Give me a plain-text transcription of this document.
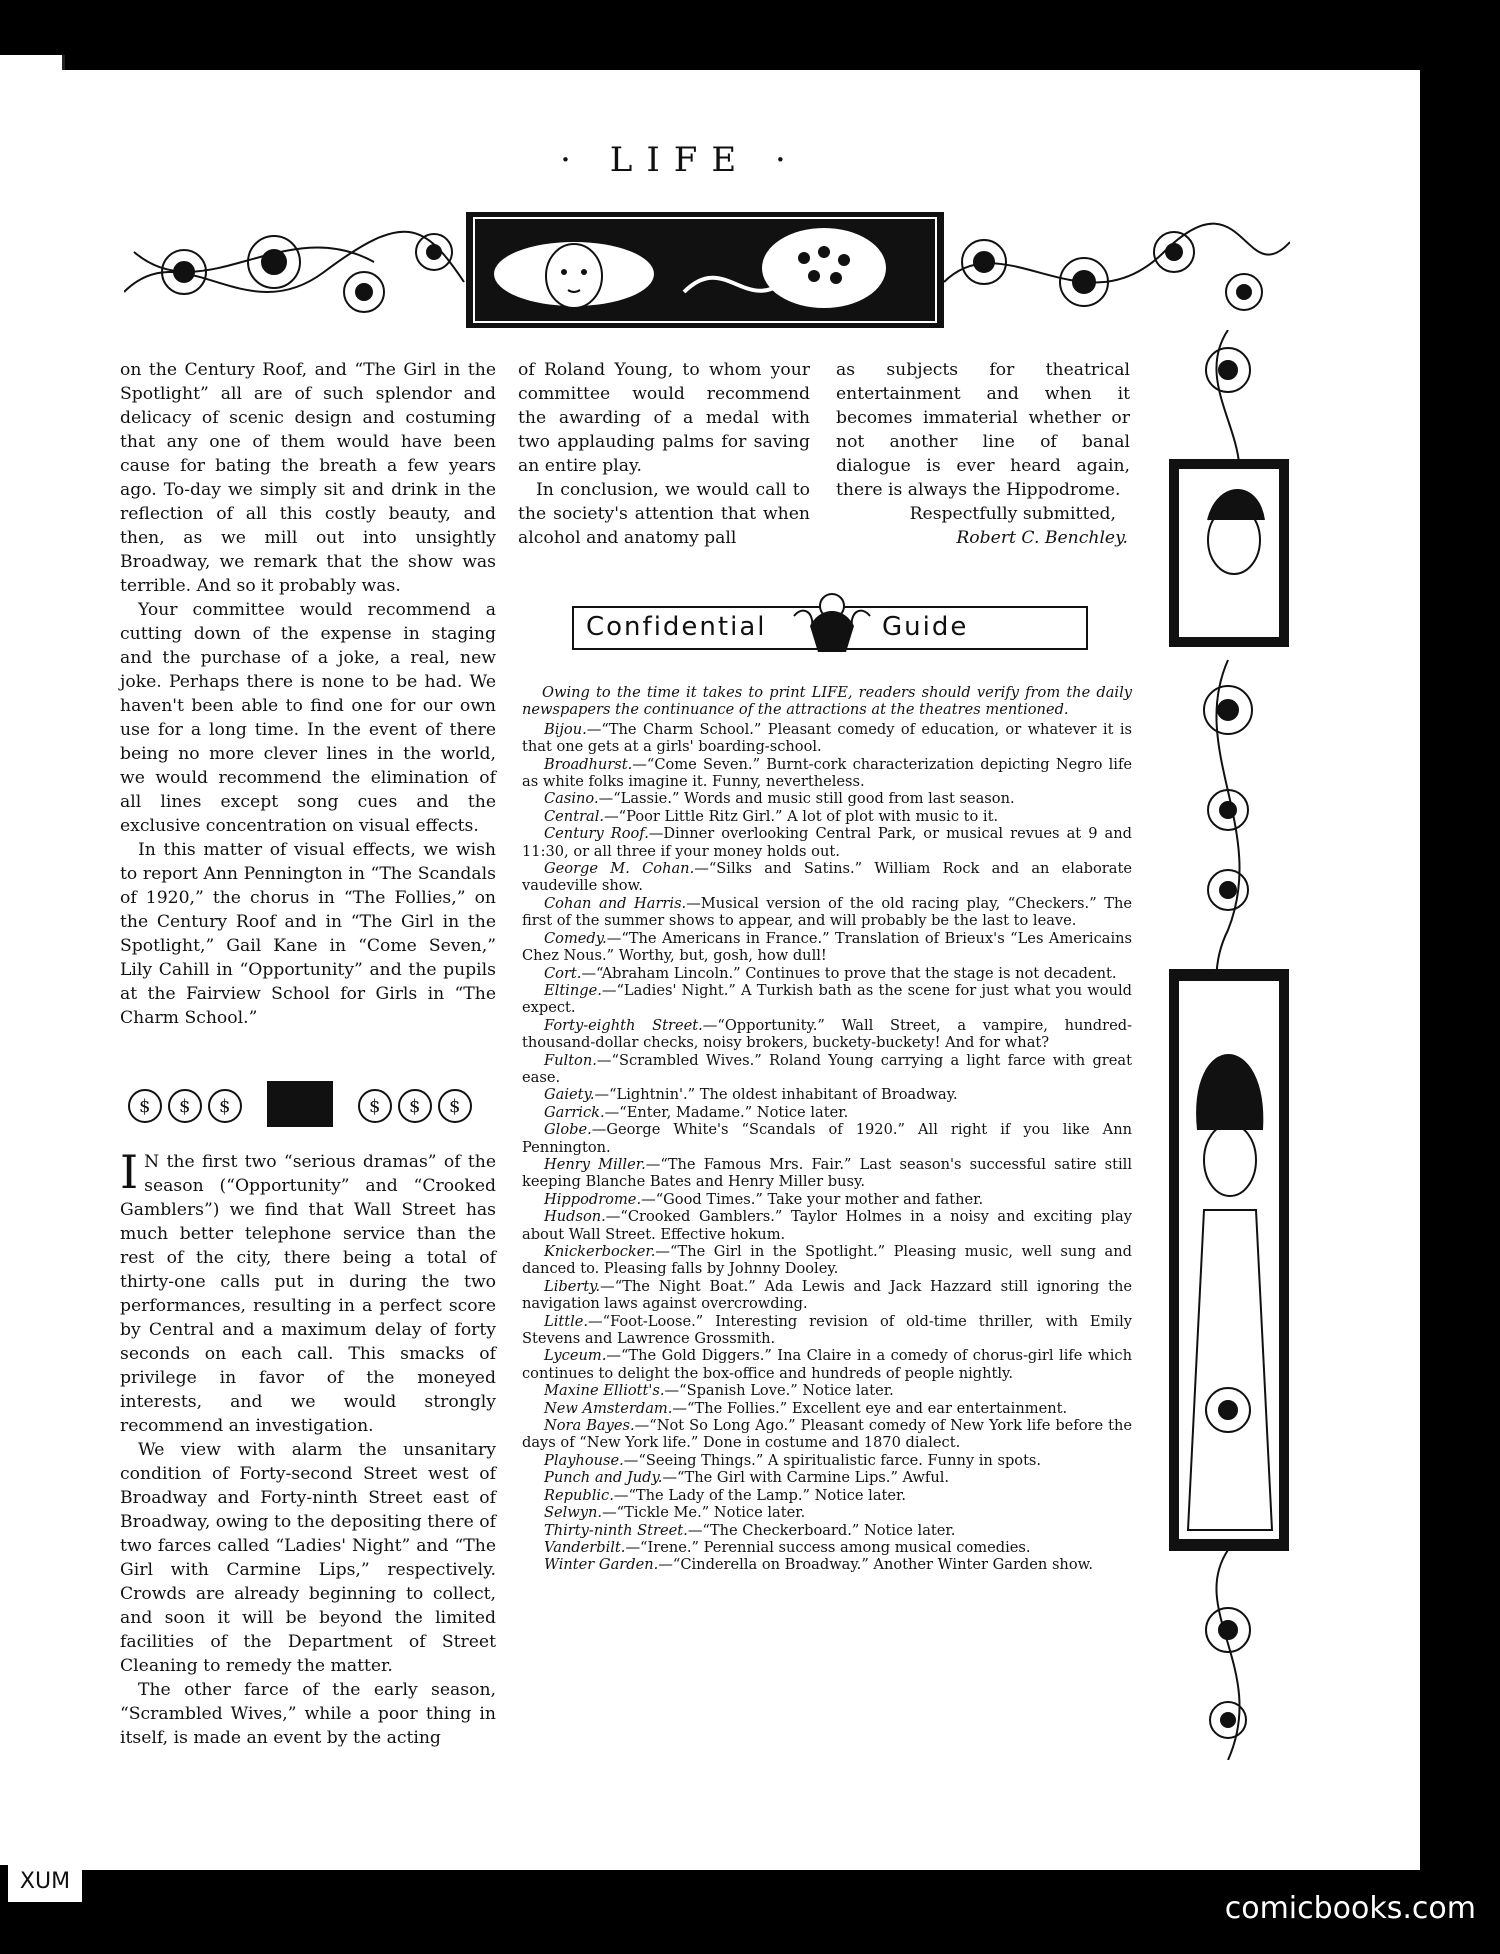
· LIFE ·

on the Century Roof, and “The Girl in the Spotlight” all are of such splendor and delicacy of scenic design and costuming that any one of them would have been cause for bating the breath a few years ago. To-day we simply sit and drink in the reflection of all this costly beauty, and then, as we mill out into unsightly Broadway, we remark that the show was terrible. And so it probably was.

Your committee would recommend a cutting down of the expense in staging and the purchase of a joke, a real, new joke. Perhaps there is none to be had. We haven't been able to find one for our own use for a long time. In the event of there being no more clever lines in the world, we would recommend the elimination of all lines except song cues and the exclusive concentration on visual effects.

In this matter of visual effects, we wish to report Ann Pennington in “The Scandals of 1920,” the chorus in “The Follies,” on the Century Roof and in “The Girl in the Spotlight,” Gail Kane in “Come Seven,” Lily Cahill in “Opportunity” and the pupils at the Fairview School for Girls in “The Charm School.”

$ $ $	$ $ $

I N the first two “serious dramas” of the season (“Opportunity” and “Crooked Gamblers”) we find that Wall Street has much better telephone service than the rest of the city, there being a total of thirty-one calls put in during the two performances, resulting in a perfect score by Central and a maximum delay of forty seconds on each call. This smacks of privilege in favor of the moneyed interests, and we would strongly recommend an investigation.

We view with alarm the unsanitary condition of Forty-second Street west of Broadway and Forty-ninth Street east of Broadway, owing to the depositing there of two farces called “Ladies' Night” and “The Girl with Carmine Lips,” respectively. Crowds are already beginning to collect, and soon it will be beyond the limited facilities of the Department of Street Cleaning to remedy the matter.

The other farce of the early season, “Scrambled Wives,” while a poor thing in itself, is made an event by the acting

of Roland Young, to whom your committee would recommend the awarding of a medal with two applauding palms for saving an entire play.

In conclusion, we would call to the society's attention that when alcohol and anatomy pall

as subjects for theatrical entertainment and when it becomes immaterial whether or not another line of banal dialogue is ever heard again, there is always the Hippodrome.

Respectfully submitted,
Robert C. Benchley.
Confidential	Guide

Owing to the time it takes to print LIFE, readers should verify from the daily newspapers the continuance of the attractions at the theatres mentioned.

Bijou.—“The Charm School.” Pleasant comedy of education, or whatever it is that one gets at a girls' boarding-school.

Broadhurst.—“Come Seven.” Burnt-cork characterization depicting Negro life as white folks imagine it. Funny, nevertheless.

Casino.—“Lassie.” Words and music still good from last season.

Central.—“Poor Little Ritz Girl.” A lot of plot with music to it.

Century Roof.—Dinner overlooking Central Park, or musical revues at 9 and 11:30, or all three if your money holds out.

George M. Cohan.—“Silks and Satins.” William Rock and an elaborate vaudeville show.

Cohan and Harris.—Musical version of the old racing play, “Checkers.” The first of the summer shows to appear, and will probably be the last to leave.

Comedy.—“The Americans in France.” Translation of Brieux's “Les Americains Chez Nous.” Worthy, but, gosh, how dull!

Cort.—“Abraham Lincoln.” Continues to prove that the stage is not decadent.

Eltinge.—“Ladies' Night.” A Turkish bath as the scene for just what you would expect.

Forty-eighth Street.—“Opportunity.” Wall Street, a vampire, hundred-thousand-dollar checks, noisy brokers, buckety-buckety! And for what?

Fulton.—“Scrambled Wives.” Roland Young carrying a light farce with great ease.

Gaiety.—“Lightnin'.” The oldest inhabitant of Broadway.

Garrick.—“Enter, Madame.” Notice later.

Globe.—George White's “Scandals of 1920.” All right if you like Ann Pennington.

Henry Miller.—“The Famous Mrs. Fair.” Last season's successful satire still keeping Blanche Bates and Henry Miller busy.

Hippodrome.—“Good Times.” Take your mother and father.

Hudson.—“Crooked Gamblers.” Taylor Holmes in a noisy and exciting play about Wall Street. Effective hokum.

Knickerbocker.—“The Girl in the Spotlight.” Pleasing music, well sung and danced to. Pleasing falls by Johnny Dooley.

Liberty.—“The Night Boat.” Ada Lewis and Jack Hazzard still ignoring the navigation laws against overcrowding.

Little.—“Foot-Loose.” Interesting revision of old-time thriller, with Emily Stevens and Lawrence Grossmith.

Lyceum.—“The Gold Diggers.” Ina Claire in a comedy of chorus-girl life which continues to delight the box-office and hundreds of people nightly.

Maxine Elliott's.—“Spanish Love.” Notice later.

New Amsterdam.—“The Follies.” Excellent eye and ear entertainment.

Nora Bayes.—“Not So Long Ago.” Pleasant comedy of New York life before the days of “New York life.” Done in costume and 1870 dialect.

Playhouse.—“Seeing Things.” A spiritualistic farce. Funny in spots.

Punch and Judy.—“The Girl with Carmine Lips.” Awful.

Republic.—“The Lady of the Lamp.” Notice later.

Selwyn.—“Tickle Me.” Notice later.

Thirty-ninth Street.—“The Checkerboard.” Notice later.

Vanderbilt.—“Irene.” Perennial success among musical comedies.

Winter Garden.—“Cinderella on Broadway.” Another Winter Garden show.

XUM
comicbooks.com
